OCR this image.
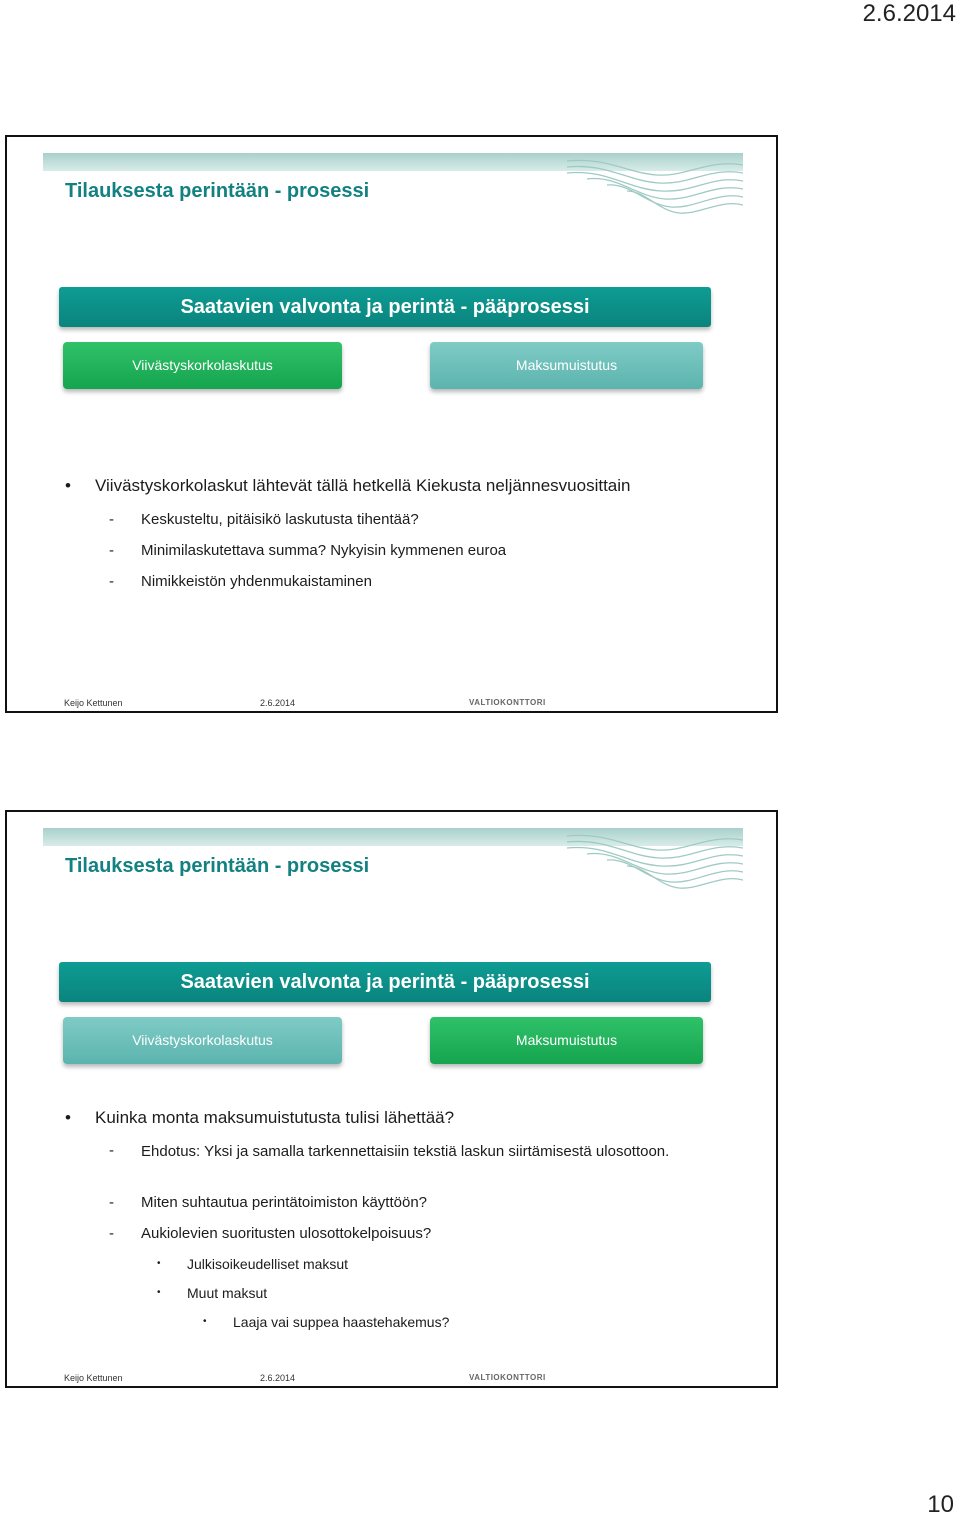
2.6.2014
Tilauksesta perintään - prosessi
Saatavien valvonta ja perintä - pääprosessi
Viivästyskorkolaskutus	Maksumuistutus
• Viivästyskorkolaskut lähtevät tällä hetkellä Kiekusta neljännesvuosittain
- Keskusteltu, pitäisikö laskutusta tihentää?
- Minimilaskutettava summa? Nykyisin kymmenen euroa
- Nimikkeistön yhdenmukaistaminen
Keijo Kettunen	2.6.2014	VALTIOKONTTORI
Tilauksesta perintään - prosessi
Saatavien valvonta ja perintä - pääprosessi
Viivästyskorkolaskutus	Maksumuistutus
• Kuinka monta maksumuistutusta tulisi lähettää?
- Ehdotus: Yksi ja samalla tarkennettaisiin tekstiä laskun siirtämisestä ulosottoon.
- Miten suhtautua perintätoimiston käyttöön?
- Aukiolevien suoritusten ulosottokelpoisuus?
• Julkisoikeudelliset maksut
• Muut maksut
• Laaja vai suppea haastehakemus?
Keijo Kettunen	2.6.2014	VALTIOKONTTORI
10
